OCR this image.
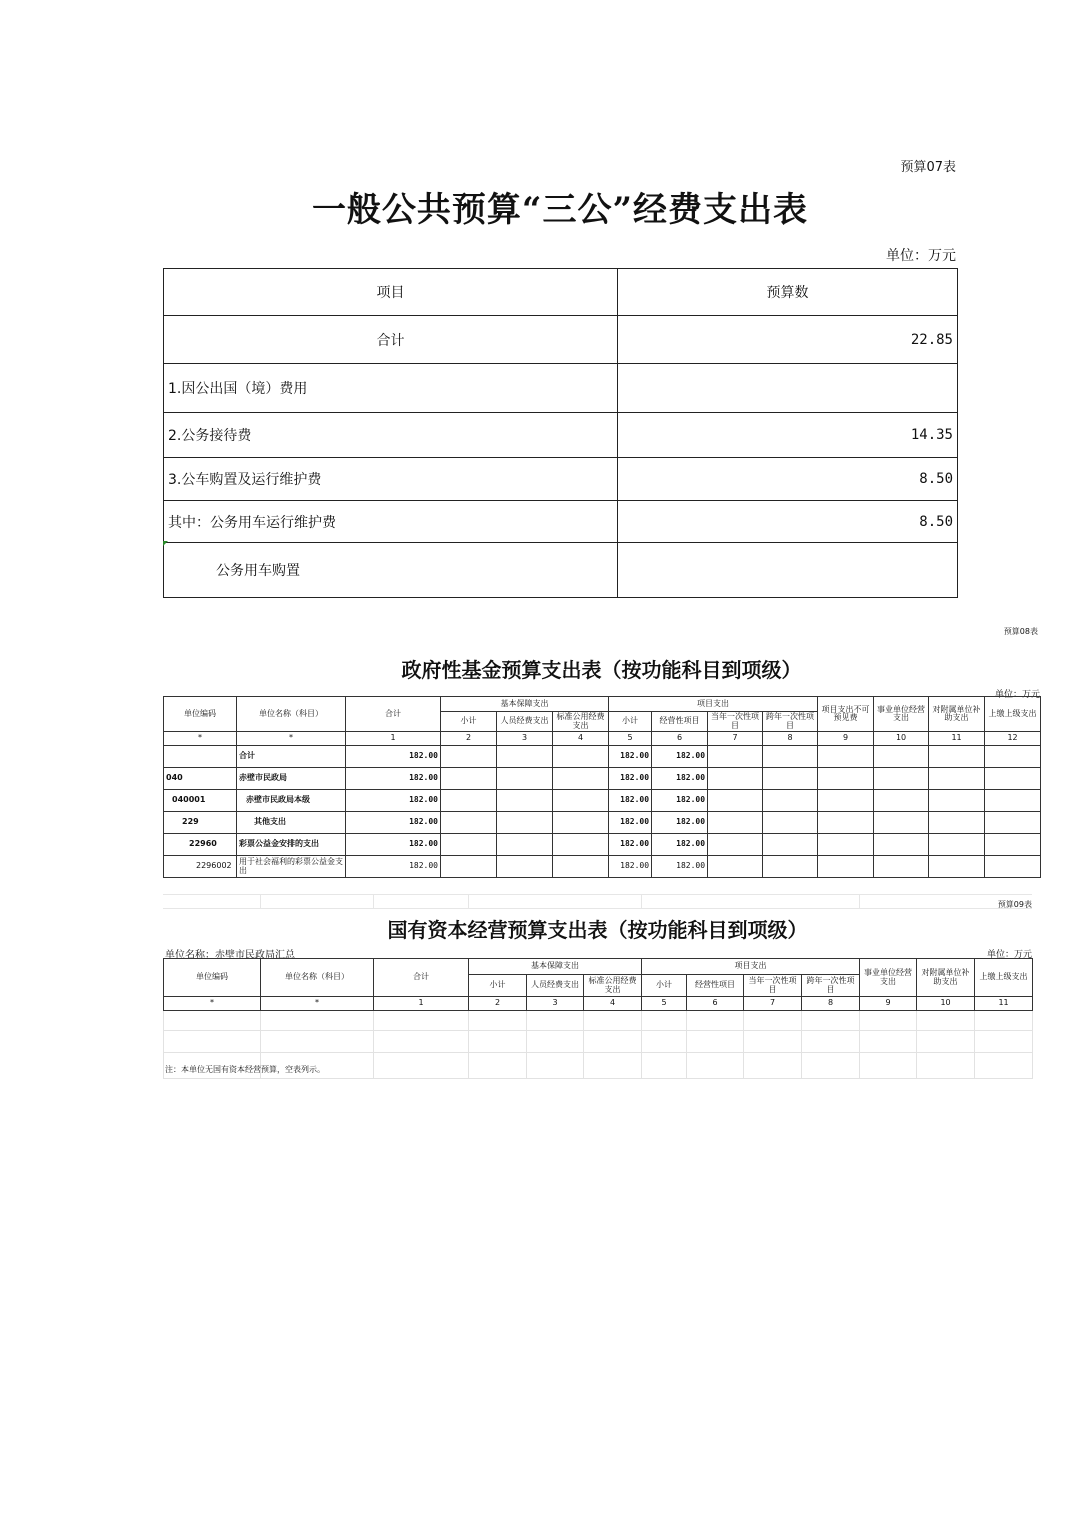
预算07表
一般公共预算“三公”经费支出表
单位：万元
项目	预算数
合计	22.85
1.因公出国（境）费用	
2.公务接待费	14.35
3.公车购置及运行维护费	8.50
其中：公务用车运行维护费	8.50
公务用车购置	
预算08表
政府性基金预算支出表（按功能科目到项级）
单位：万元
单位编码	单位名称（科目）	合计	基本保障支出			项目支出				项目支出不可预见费	事业单位经营支出	对附属单位补助支出	上缴上级支出
			小计	人员经费支出	标准公用经费支出	小计	经营性项目	当年一次性项目	跨年一次性项目				
*	*	1	2	3	4	5	6	7	8	9	10	11	12
	合计	182.00				182.00	182.00						
040	赤壁市民政局	182.00				182.00	182.00						
040001	赤壁市民政局本级	182.00				182.00	182.00						
229	其他支出	182.00				182.00	182.00						
22960	彩票公益金安排的支出	182.00				182.00	182.00						
2296002	用于社会福利的彩票公益金支出	182.00				182.00	182.00						
预算09表
国有资本经营预算支出表（按功能科目到项级）
单位名称：赤壁市民政局汇总	单位：万元
单位编码	单位名称（科目）	合计	基本保障支出			项目支出				事业单位经营支出	对附属单位补助支出	上缴上级支出
			小计	人员经费支出	标准公用经费支出	小计	经营性项目	当年一次性项目	跨年一次性项目			
*	*	1	2	3	4	5	6	7	8	9	10	11

注：本单位无国有资本经营预算，空表列示。
